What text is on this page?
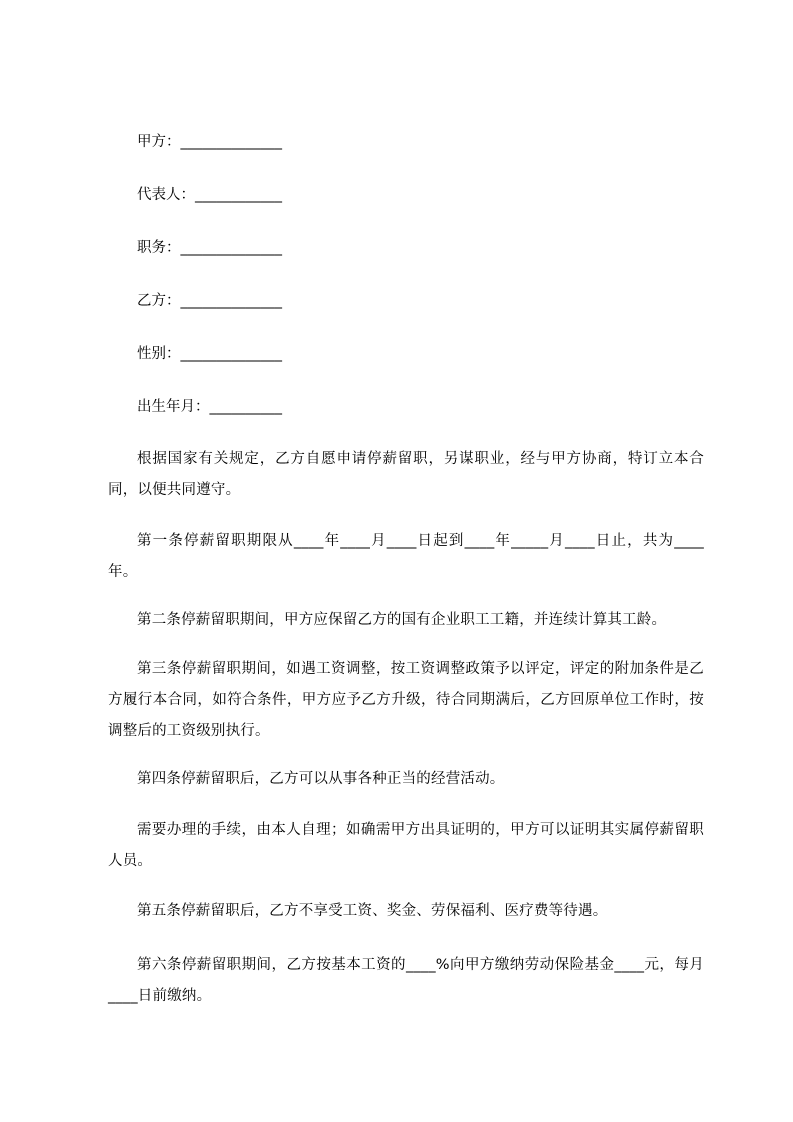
甲方：______________
代表人：____________
职务：______________
乙方：______________
性别：______________
出生年月：__________

根据国家有关规定，乙方自愿申请停薪留职，另谋职业，经与甲方协商，特订立本合同，以便共同遵守。

第一条停薪留职期限从____年____月____日起到____年_____月____日止，共为____年。

第二条停薪留职期间，甲方应保留乙方的国有企业职工工籍，并连续计算其工龄。

第三条停薪留职期间，如遇工资调整，按工资调整政策予以评定，评定的附加条件是乙方履行本合同，如符合条件，甲方应予乙方升级，待合同期满后，乙方回原单位工作时，按调整后的工资级别执行。

第四条停薪留职后，乙方可以从事各种正当的经营活动。

需要办理的手续，由本人自理；如确需甲方出具证明的，甲方可以证明其实属停薪留职人员。

第五条停薪留职后，乙方不享受工资、奖金、劳保福利、医疗费等待遇。

第六条停薪留职期间，乙方按基本工资的____%向甲方缴纳劳动保险基金____元，每月____日前缴纳。
